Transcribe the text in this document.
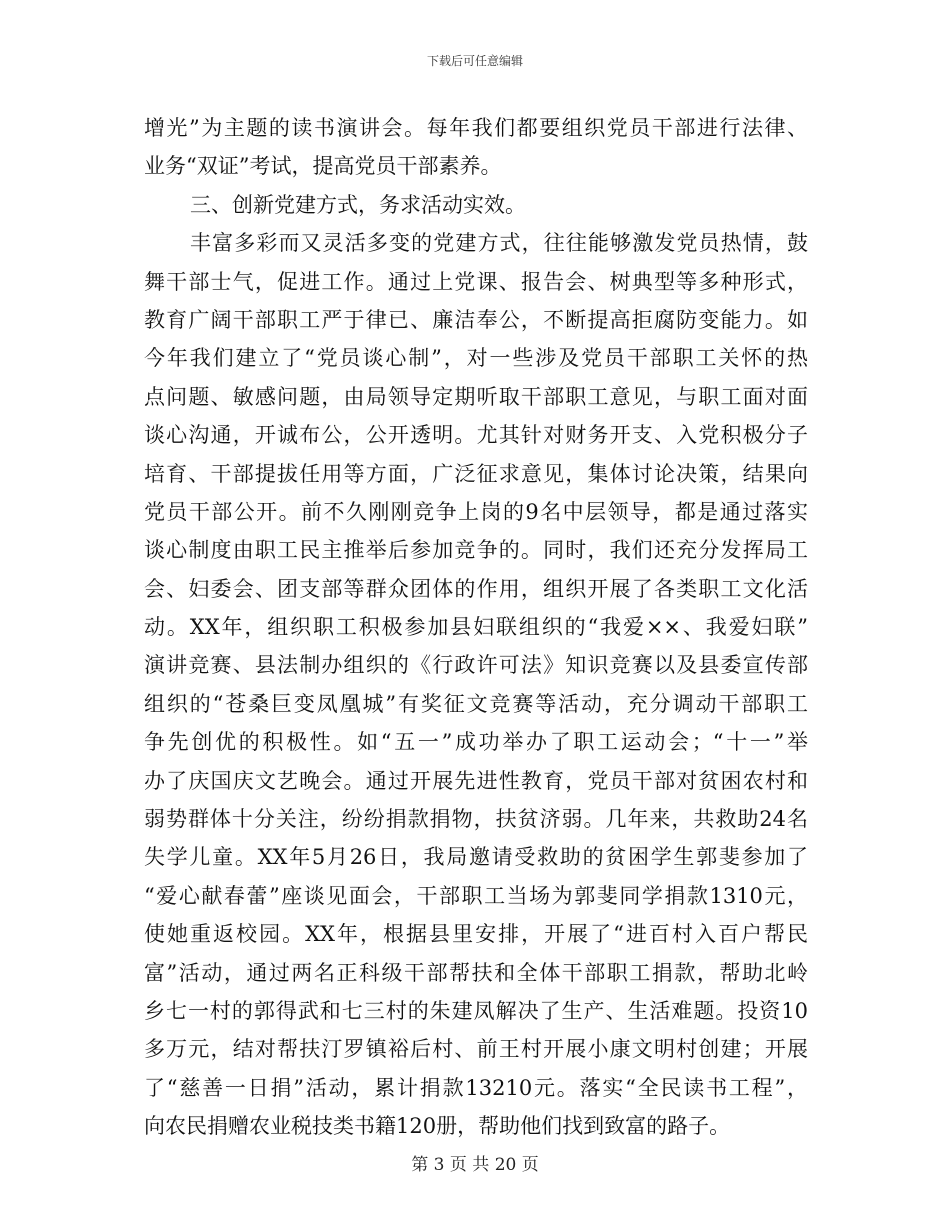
下载后可任意编辑
增光”为主题的读书演讲会。每年我们都要组织党员干部进行法律、
业务“双证”考试，提高党员干部素养。
三、创新党建方式，务求活动实效。
丰富多彩而又灵活多变的党建方式，往往能够激发党员热情，鼓
舞干部士气，促进工作。通过上党课、报告会、树典型等多种形式，
教育广阔干部职工严于律已、廉洁奉公，不断提高拒腐防变能力。如
今年我们建立了“党员谈心制”，对一些涉及党员干部职工关怀的热
点问题、敏感问题，由局领导定期听取干部职工意见，与职工面对面
谈心沟通，开诚布公，公开透明。尤其针对财务开支、入党积极分子
培育、干部提拔任用等方面，广泛征求意见，集体讨论决策，结果向
党员干部公开。前不久刚刚竞争上岗的9名中层领导，都是通过落实
谈心制度由职工民主推举后参加竞争的。同时，我们还充分发挥局工
会、妇委会、团支部等群众团体的作用，组织开展了各类职工文化活
动。XX年，组织职工积极参加县妇联组织的“我爱××、我爱妇联”
演讲竞赛、县法制办组织的《行政许可法》知识竞赛以及县委宣传部
组织的“苍桑巨变凤凰城”有奖征文竞赛等活动，充分调动干部职工
争先创优的积极性。如“五一”成功举办了职工运动会；“十一”举
办了庆国庆文艺晚会。通过开展先进性教育，党员干部对贫困农村和
弱势群体十分关注，纷纷捐款捐物，扶贫济弱。几年来，共救助24名
失学儿童。XX年5月26日，我局邀请受救助的贫困学生郭斐参加了
“爱心献春蕾”座谈见面会，干部职工当场为郭斐同学捐款1310元，
使她重返校园。XX年，根据县里安排，开展了“进百村入百户帮民
富”活动，通过两名正科级干部帮扶和全体干部职工捐款，帮助北岭
乡七一村的郭得武和七三村的朱建凤解决了生产、生活难题。投资10
多万元，结对帮扶汀罗镇裕后村、前王村开展小康文明村创建；开展
了“慈善一日捐”活动，累计捐款13210元。落实“全民读书工程”，
向农民捐赠农业税技类书籍120册，帮助他们找到致富的路子。
第 3 页 共 20 页
